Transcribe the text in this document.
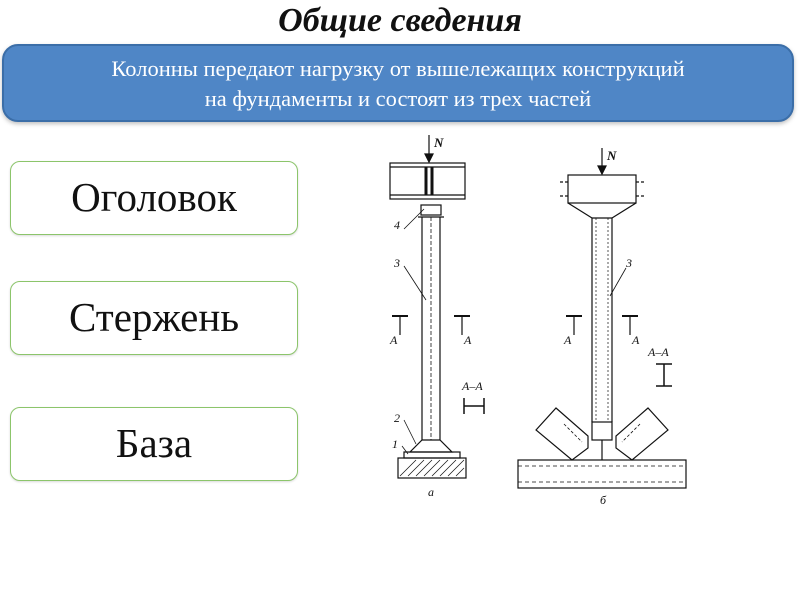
Общие сведения
Колонны передают нагрузку от вышележащих конструкций
на фундаменты и состоят из трех частей
Оголовок
Стержень
База
N
N
4
3
2
1
3
A	A	A	A
A–A
A–A
а
б
